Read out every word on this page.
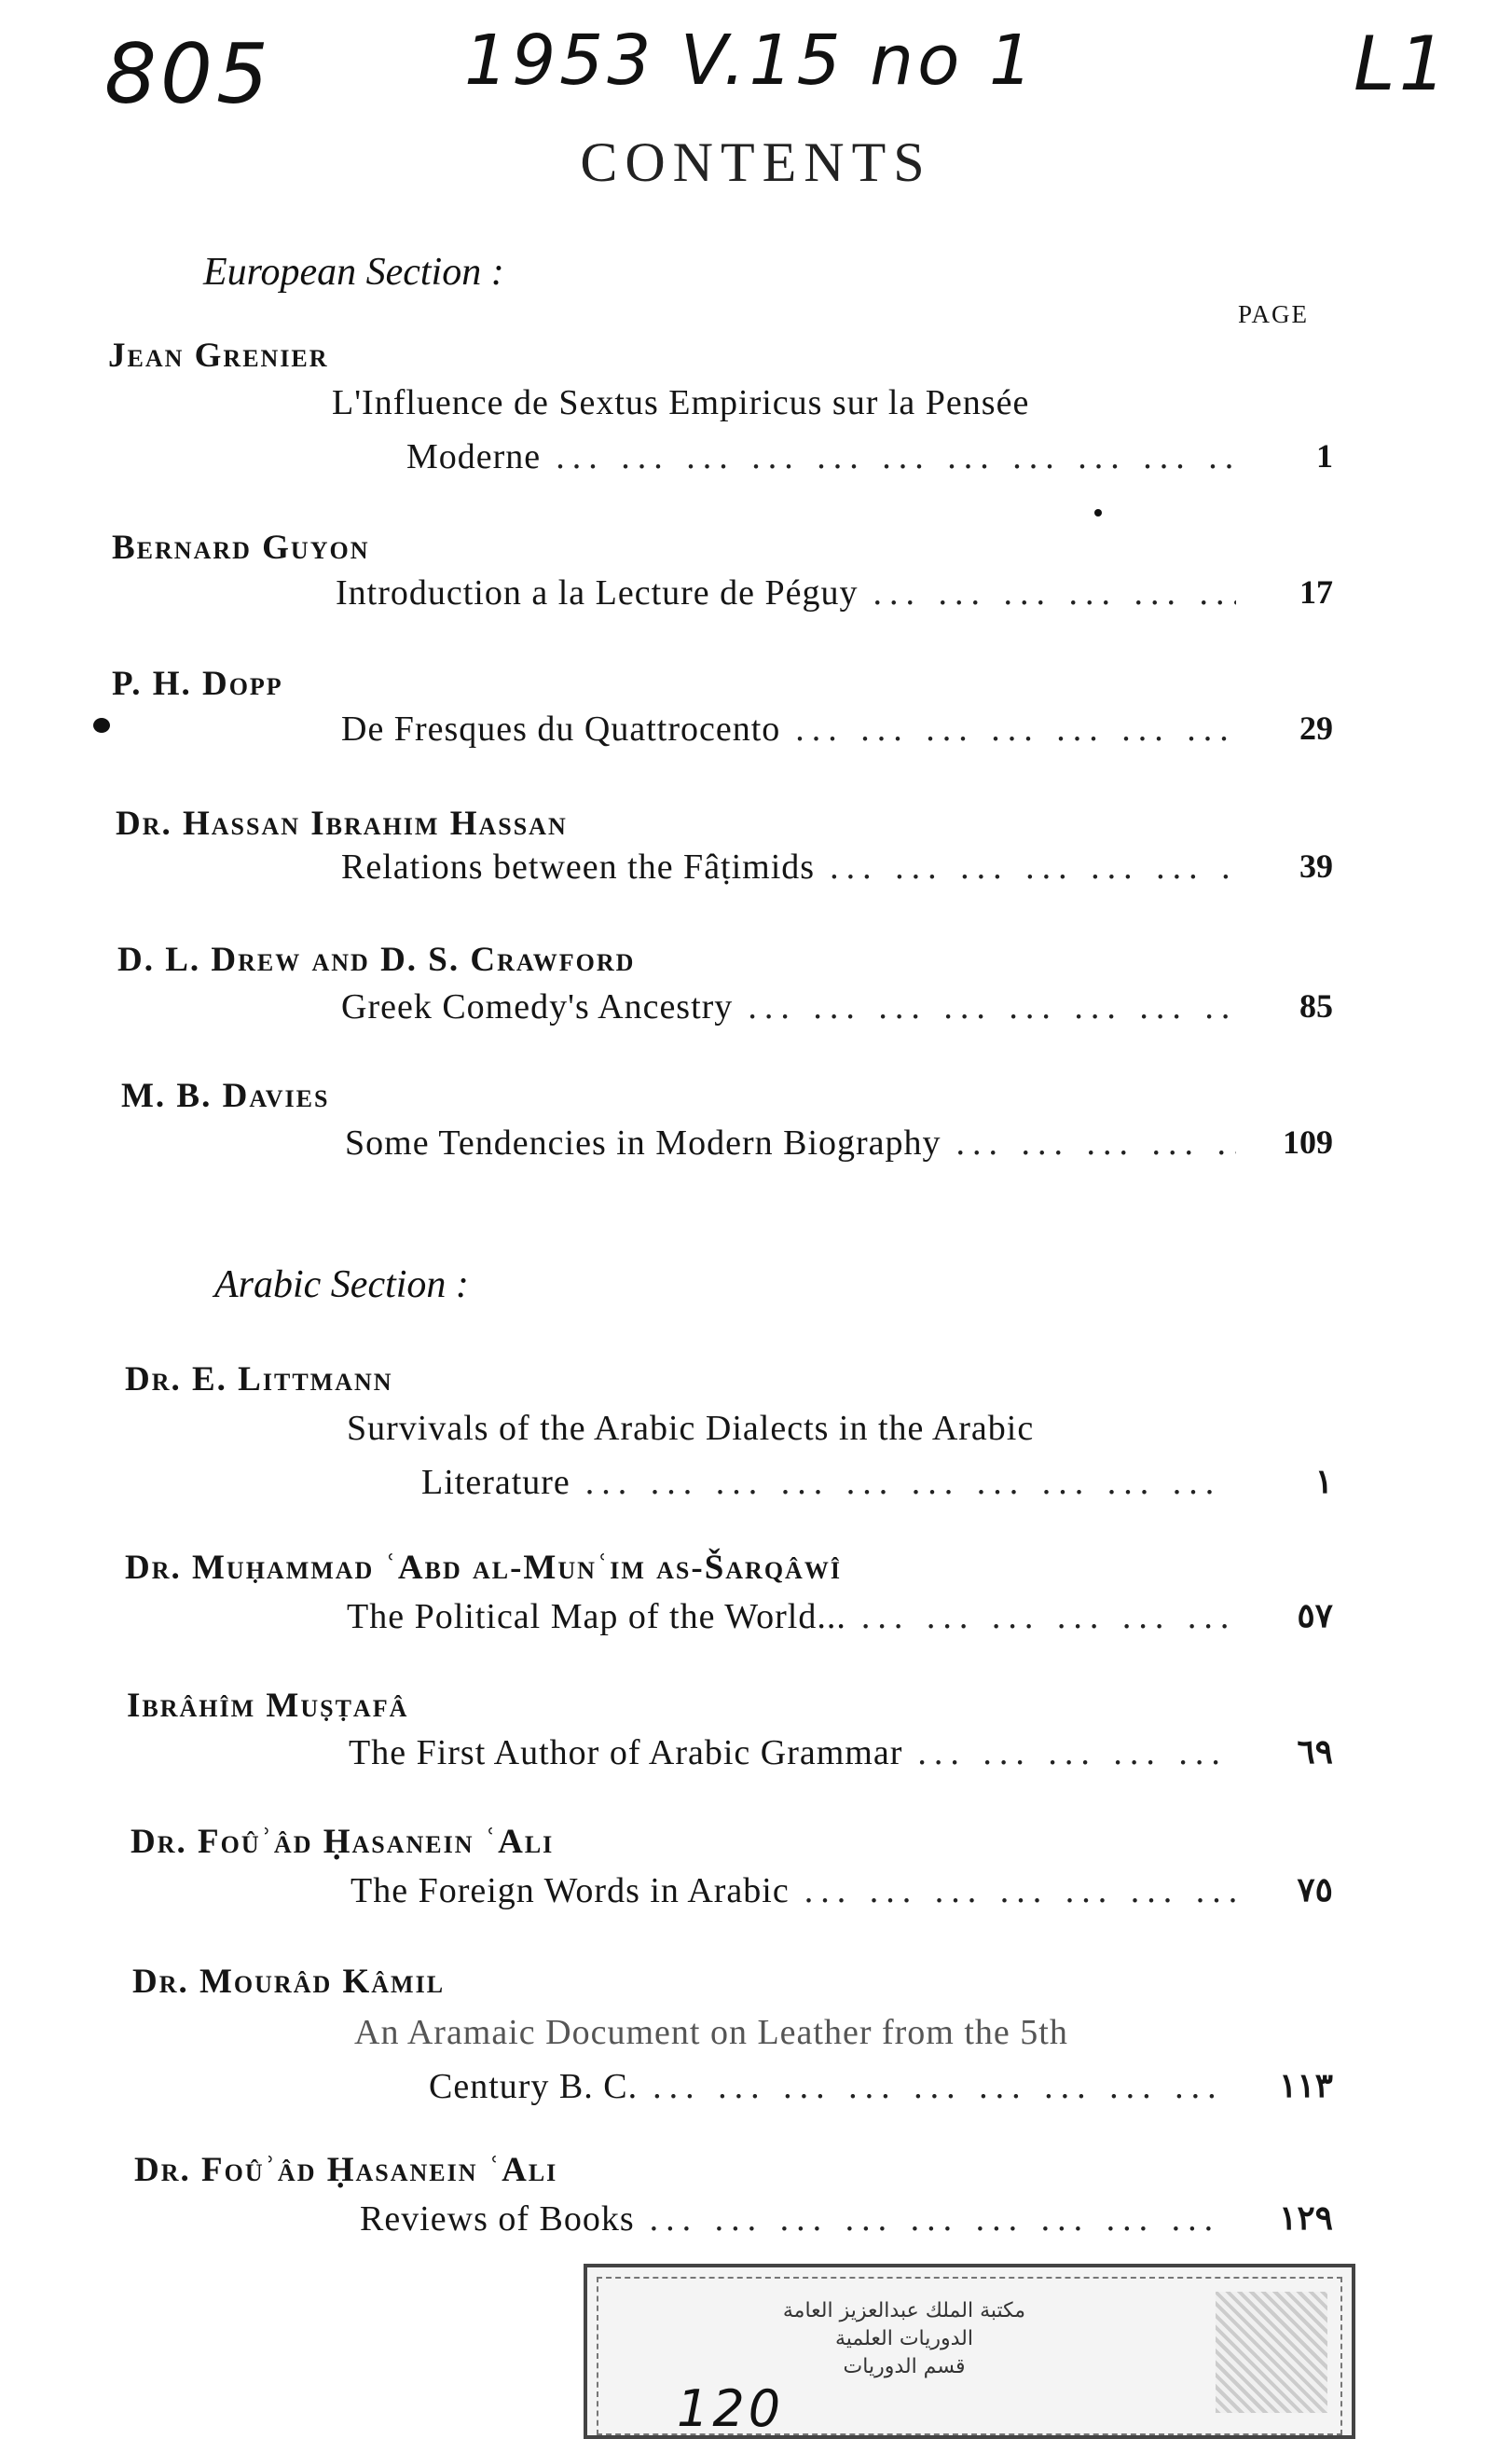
805	1953 V.15 no 1	L1
CONTENTS
European Section :
PAGE
Jean Grenier
L'Influence de Sextus Empiricus sur la Pensée
Moderne ... .	1
Bernard Guyon
Introduction a la Lecture de Péguy ... .	17
P. H. Dopp
De Fresques du Quattrocento ... .	29
Dr. Hassan Ibrahim Hassan
Relations between the Fâṭimids ... .	39
D. L. Drew and D. S. Crawford
Greek Comedy's Ancestry ... .	85
M. B. Davies
Some Tendencies in Modern Biography ... .	109
Arabic Section :
Dr. E. Littmann
Survivals of the Arabic Dialects in the Arabic
Literature ... .	١
Dr. Muḥammad ʿAbd al-Munʿim as-Šarqâwî
The Political Map of the World... ... .	٥٧
Ibrâhîm Muṣṭafâ
The First Author of Arabic Grammar ... .	٦٩
Dr. Foûʾâd Ḥasanein ʿAli
The Foreign Words in Arabic ... .	٧٥
Dr. Mourâd Kâmil
An Aramaic Document on Leather from the 5th
Century B. C. ... .	١١٣
Dr. Foûʾâd Ḥasanein ʿAli
Reviews of Books ... .	١٢٩
مكتبة الملك عبدالعزيز العامة
الدوريات العلمية
قسم الدوريات
120
